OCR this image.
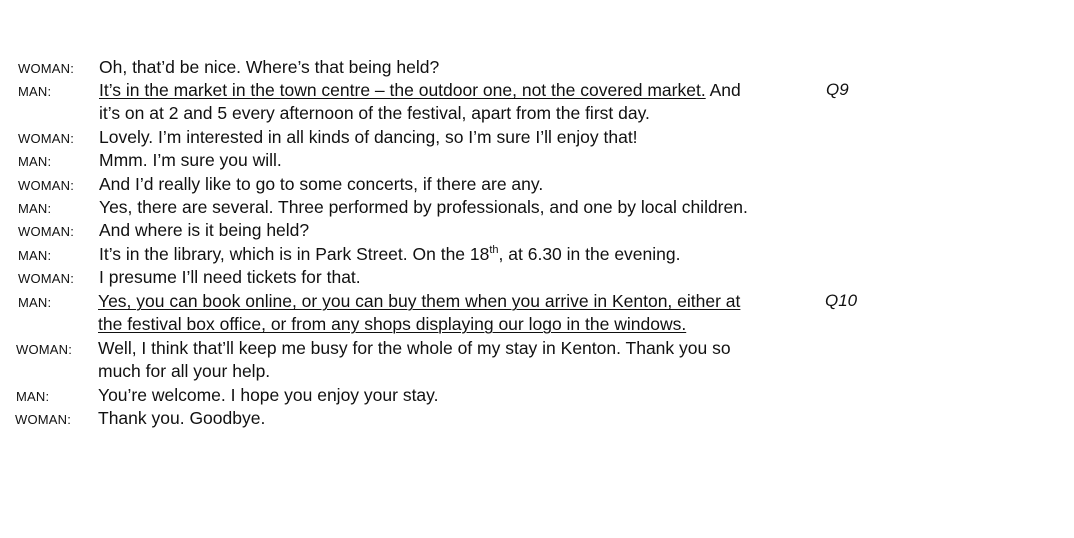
WOMAN: Oh, that’d be nice. Where’s that being held?
MAN:	It’s in the market in the town centre – the outdoor one, not the covered market. And	Q9
it’s on at 2 and 5 every afternoon of the festival, apart from the first day.
WOMAN: Lovely. I’m interested in all kinds of dancing, so I’m sure I’ll enjoy that!
MAN:	Mmm. I’m sure you will.
WOMAN: And I’d really like to go to some concerts, if there are any.
MAN:	Yes, there are several. Three performed by professionals, and one by local children.
WOMAN: And where is it being held?
MAN:	It’s in the library, which is in Park Street. On the 18th, at 6.30 in the evening.
WOMAN: I presume I’ll need tickets for that.
MAN:	Yes, you can book online, or you can buy them when you arrive in Kenton, either at	Q10
the festival box office, or from any shops displaying our logo in the windows.
WOMAN: Well, I think that’ll keep me busy for the whole of my stay in Kenton. Thank you so
much for all your help.
MAN:	You’re welcome. I hope you enjoy your stay.
WOMAN: Thank you. Goodbye.
